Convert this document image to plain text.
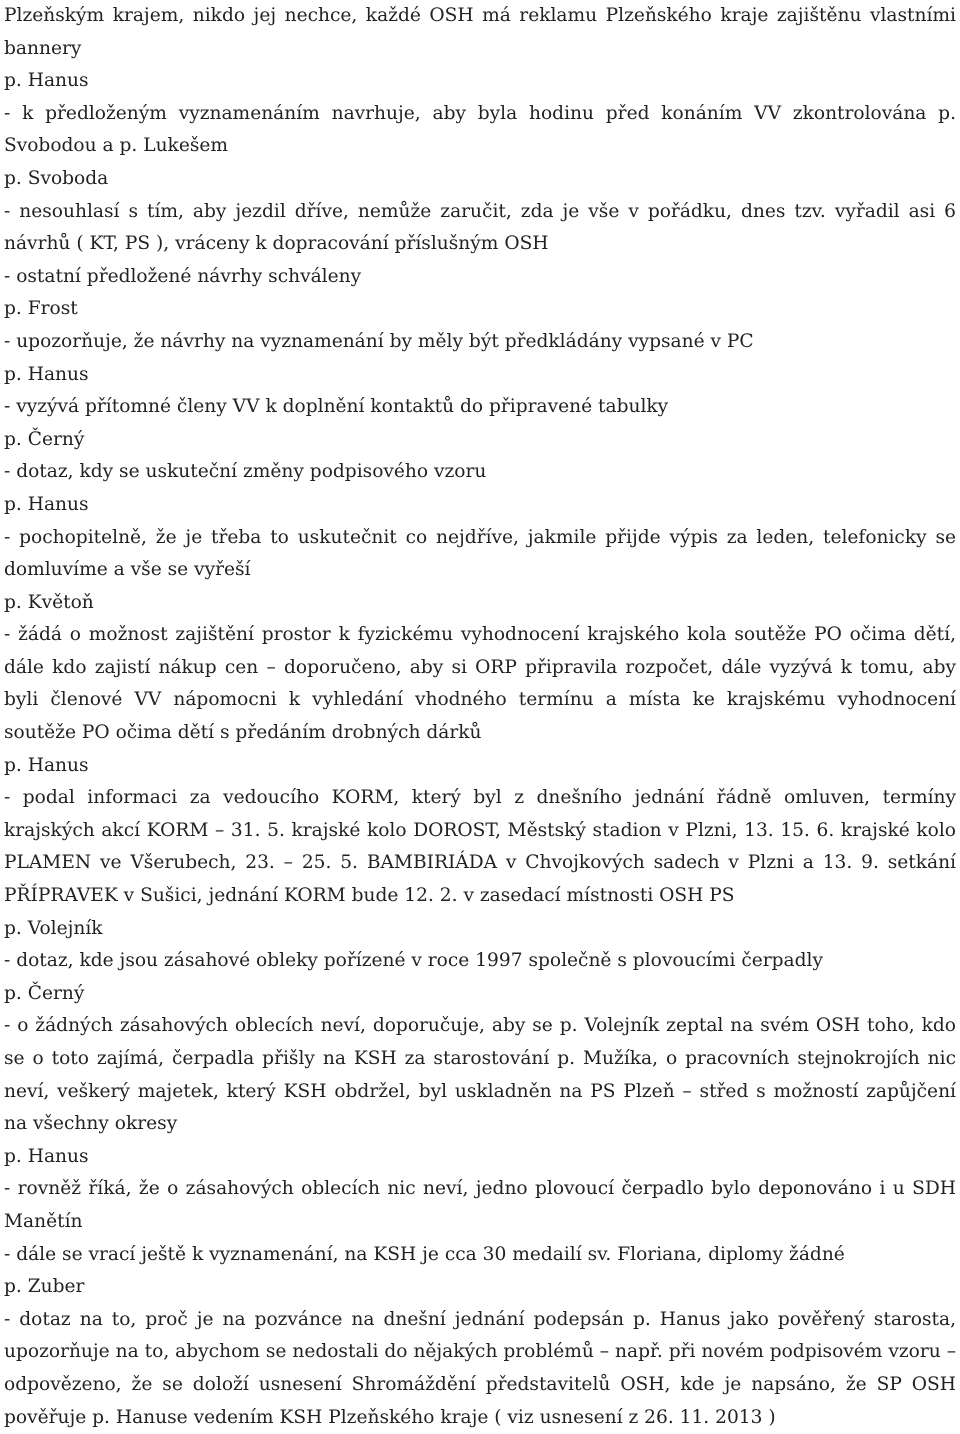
Plzeňským krajem, nikdo jej nechce, každé OSH má reklamu Plzeňského kraje zajištěnu vlastními bannery

p. Hanus

- k předloženým vyznamenáním navrhuje, aby byla hodinu před konáním VV zkontrolována p. Svobodou a p. Lukešem

p. Svoboda

- nesouhlasí s tím, aby jezdil dříve, nemůže zaručit, zda je vše v pořádku, dnes tzv. vyřadil asi 6 návrhů ( KT, PS ), vráceny k dopracování příslušným OSH

- ostatní předložené návrhy schváleny

p. Frost

- upozorňuje, že návrhy na vyznamenání by měly být předkládány vypsané v PC

p. Hanus

- vyzývá přítomné členy VV k doplnění kontaktů do připravené tabulky

p. Černý

- dotaz, kdy se uskuteční změny podpisového vzoru

p. Hanus

- pochopitelně, že je třeba to uskutečnit co nejdříve, jakmile přijde výpis za leden, telefonicky se domluvíme a vše se vyřeší

p. Květoň

- žádá o možnost zajištění prostor k fyzickému vyhodnocení krajského kola soutěže PO očima dětí, dále kdo zajistí nákup cen – doporučeno, aby si ORP připravila rozpočet, dále vyzývá k tomu, aby byli členové VV nápomocni k vyhledání vhodného termínu a místa ke krajskému vyhodnocení soutěže PO očima dětí s předáním drobných dárků

p. Hanus

- podal informaci za vedoucího KORM, který byl z dnešního jednání řádně omluven, termíny krajských akcí KORM – 31. 5. krajské kolo DOROST, Městský stadion v Plzni, 13. 15. 6. krajské kolo PLAMEN ve Všerubech, 23. – 25. 5. BAMBIRIÁDA v Chvojkových sadech v Plzni a 13. 9. setkání PŘÍPRAVEK v Sušici, jednání KORM bude 12. 2. v zasedací místnosti OSH PS

p. Volejník

- dotaz, kde jsou zásahové obleky pořízené v roce 1997 společně s plovoucími čerpadly

p. Černý

- o žádných zásahových oblecích neví, doporučuje, aby se p. Volejník zeptal na svém OSH toho, kdo se o toto zajímá, čerpadla přišly na KSH za starostování p. Mužíka, o pracovních stejnokrojích nic neví, veškerý majetek, který KSH obdržel, byl uskladněn na PS Plzeň – střed s možností zapůjčení na všechny okresy

p. Hanus

- rovněž říká, že o zásahových oblecích nic neví, jedno plovoucí čerpadlo bylo deponováno i u SDH Manětín

- dále se vrací ještě k vyznamenání, na KSH je cca 30 medailí sv. Floriana, diplomy žádné

p. Zuber

- dotaz na to, proč je na pozvánce na dnešní jednání podepsán p. Hanus jako pověřený starosta, upozorňuje na to, abychom se nedostali do nějakých problémů – např. při novém podpisovém vzoru – odpovězeno, že se doloží usnesení Shromáždění představitelů OSH, kde je napsáno, že SP OSH pověřuje p. Hanuse vedením KSH Plzeňského kraje ( viz usnesení z 26. 11. 2013 )
